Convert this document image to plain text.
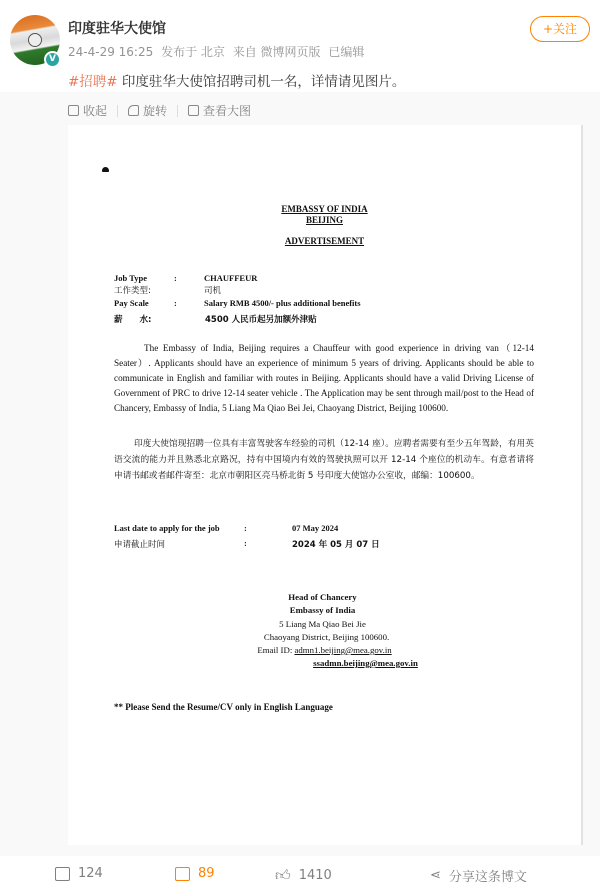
V
印度驻华大使馆
24-4-29 16:25 发布于 北京 来自 微博网页版 已编辑
+关注
#招聘# 印度驻华大使馆招聘司机一名，详情请见图片。
收起	旋转	查看大图
EMBASSY OF INDIA
BEIJING
ADVERTISEMENT
Job Type	:	CHAUFFEUR
工作类型:	司机
Pay Scale	:	Salary RMB 4500/- plus additional benefits
薪　　水:	4500 人民币起另加额外津贴
The Embassy of India, Beijing requires a Chauffeur with good experience in driving van（12-14 Seater）. Applicants should have an experience of minimum 5 years of driving. Applicants should be able to communicate in English and familiar with routes in Beijing. Applicants should have a valid Driving License of Government of PRC to drive 12-14 seater vehicle . The Application may be sent through mail/post to the Head of Chancery, Embassy of India, 5 Liang Ma Qiao Bei Jei, Chaoyang District, Beijing 100600.
印度大使馆现招聘一位具有丰富驾驶客车经验的司机（12-14 座）。应聘者需要有至少五年驾龄，有用英语交流的能力并且熟悉北京路况，持有中国境内有效的驾驶执照可以开 12-14 个座位的机动车。有意者请将申请书邮或者邮件寄至：北京市朝阳区亮马桥北街 5 号印度大使馆办公室收，邮编：100600。
Last date to apply for the job	:	07 May 2024
申请截止时间	:	2024 年 05 月 07 日
Head of Chancery
Embassy of India
5 Liang Ma Qiao Bei Jie
Chaoyang District, Beijing 100600.
Email ID: admn1.beijing@mea.gov.in
ssadmn.beijing@mea.gov.in
** Please Send the Resume/CV only in English Language
124	89	👍︎ 1410	⋖ 分享这条博文
